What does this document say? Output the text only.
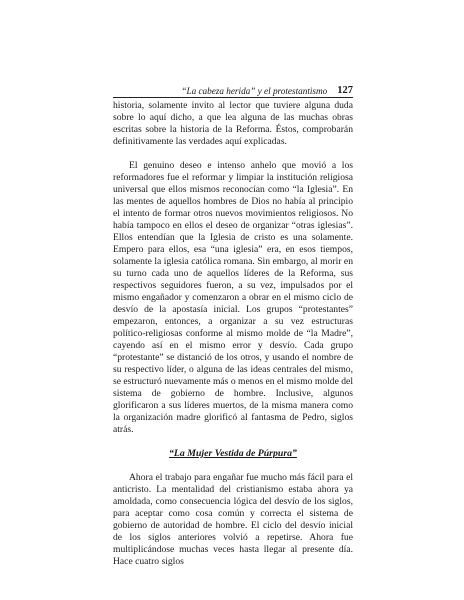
“La cabeza herida” y el protestantismo 127

historia, solamente invito al lector que tuviere alguna duda sobre lo aquí dicho, a que lea alguna de las muchas obras escritas sobre la historia de la Reforma. Éstos, comprobarán definitivamente las verdades aquí explicadas.

El genuino deseo e intenso anhelo que movió a los reformadores fue el reformar y limpiar la institución religiosa universal que ellos mismos reconocían como “la Iglesia”. En las mentes de aquellos hombres de Dios no había al principio el intento de formar otros nuevos movimientos religiosos. No había tampoco en ellos el deseo de organizar “otras iglesias”. Ellos entendían que la Iglesia de cristo es una solamente. Empero para ellos, esa “una iglesia” era, en esos tiempos, solamente la iglesia católica romana. Sin embargo, al morir en su turno cada uno de aquellos líderes de la Reforma, sus respectivos seguidores fueron, a su vez, impulsados por el mismo engañador y comenzaron a obrar en el mismo ciclo de desvío de la apostasía inicial. Los grupos “protestantes” empezaron, entonces, a organizar a su vez estructuras político-religiosas conforme al mismo molde de “la Madre”, cayendo así en el mismo error y desvío. Cada grupo “protestante” se distanció de los otros, y usando el nombre de su respectivo líder, o alguna de las ideas centrales del mismo, se estructuró nuevamente más o menos en el mismo molde del sistema de gobierno de hombre. Inclusive, algunos glorificaron a sus líderes muertos, de la misma manera como la organización madre glorificó al fantasma de Pedro, siglos atrás.

“La Mujer Vestida de Púrpura”

Ahora el trabajo para engañar fue mucho más fácil para el anticristo. La mentalidad del cristianismo estaba ahora ya amoldada, como consecuencia lógica del desvío de los siglos, para aceptar como cosa común y correcta el sistema de gobierno de autoridad de hombre. El ciclo del desvío inicial de los siglos anteriores volvió a repetirse. Ahora fue multiplicándose muchas veces hasta llegar al presente día. Hace cuatro siglos
